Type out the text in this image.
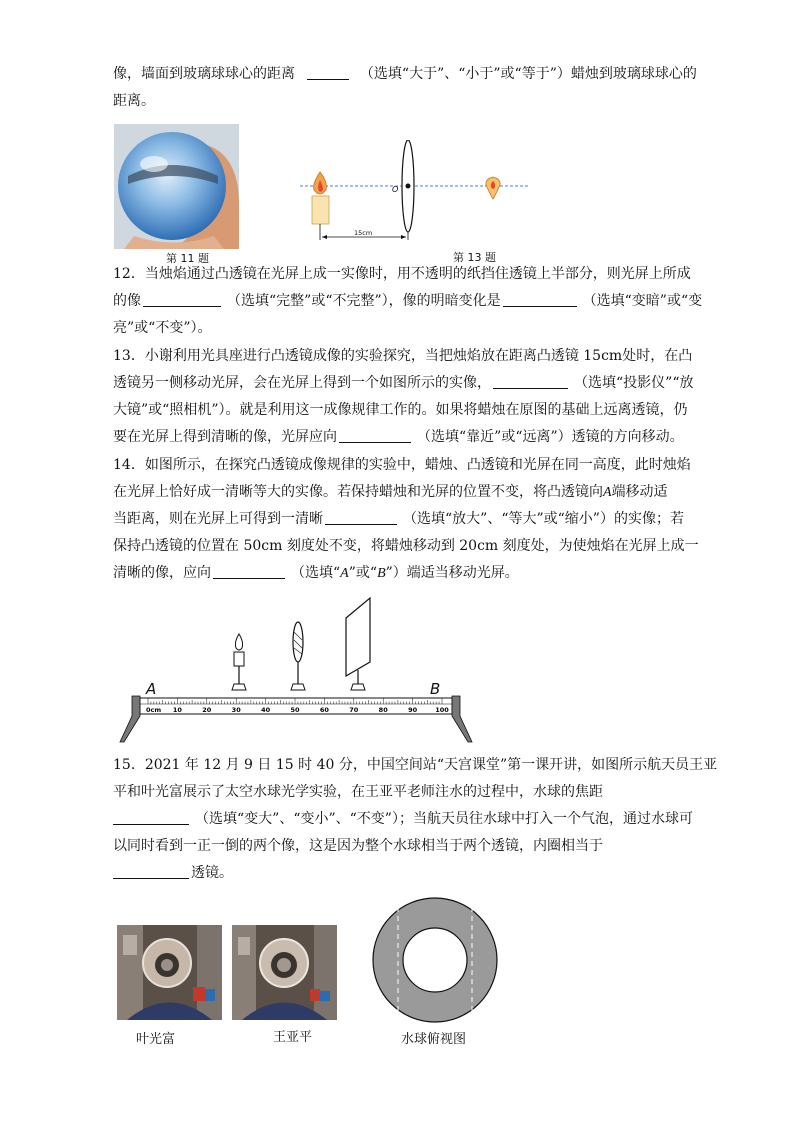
像，墙面到玻璃球球心的距离	（选填“大于”、“小于”或“等于”）蜡烛到玻璃球球心的
距离。
第 11 题
O
15cm
第 13 题
12．当烛焰通过凸透镜在光屏上成一实像时，用不透明的纸挡住透镜上半部分，则光屏上所成
的像	（选填“完整”或“不完整”），像的明暗变化是	（选填“变暗”或“变
亮”或“不变”）。
13．小谢利用光具座进行凸透镜成像的实验探究，当把烛焰放在距离凸透镜 15cm处时，在凸
透镜另一侧移动光屏，会在光屏上得到一个如图所示的实像，	（选填“投影仪”“放
大镜”或“照相机”）。就是利用这一成像规律工作的。如果将蜡烛在原图的基础上远离透镜，仍
要在光屏上得到清晰的像，光屏应向	（选填“靠近”或“远离”）透镜的方向移动。
14．如图所示，在探究凸透镜成像规律的实验中，蜡烛、凸透镜和光屏在同一高度，此时烛焰
在光屏上恰好成一清晰等大的实像。若保持蜡烛和光屏的位置不变，将凸透镜向A端移动适
当距离，则在光屏上可得到一清晰	（选填“放大”、“等大”或“缩小”）的实像；若
保持凸透镜的位置在 50cm 刻度处不变，将蜡烛移动到 20cm 刻度处，为使烛焰在光屏上成一
清晰的像，应向	（选填“A”或“B”）端适当移动光屏。
A	B
0cm 10	20	30	40	50	60	70	80	90	100
15．2021 年 12 月 9 日 15 时 40 分，中国空间站“天宫课堂”第一课开讲，如图所示航天员王亚
平和叶光富展示了太空水球光学实验，在王亚平老师注水的过程中，水球的焦距
（选填“变大”、“变小”、“不变”）；当航天员往水球中打入一个气泡，通过水球可
以同时看到一正一倒的两个像，这是因为整个水球相当于两个透镜，内圈相当于
透镜。
叶光富	王亚平	水球俯视图
